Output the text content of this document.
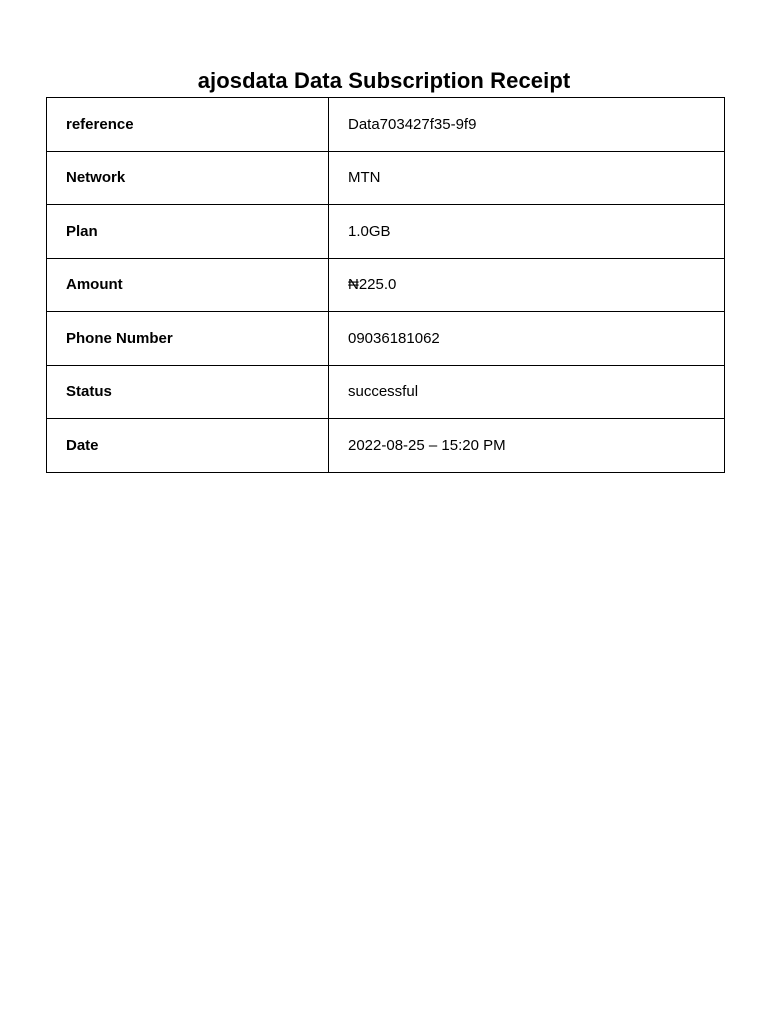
ajosdata Data Subscription Receipt
reference	Data703427f35-9f9
Network	MTN
Plan	1.0GB
Amount	₦225.0
Phone Number	09036181062
Status	successful
Date	2022-08-25 – 15:20 PM
